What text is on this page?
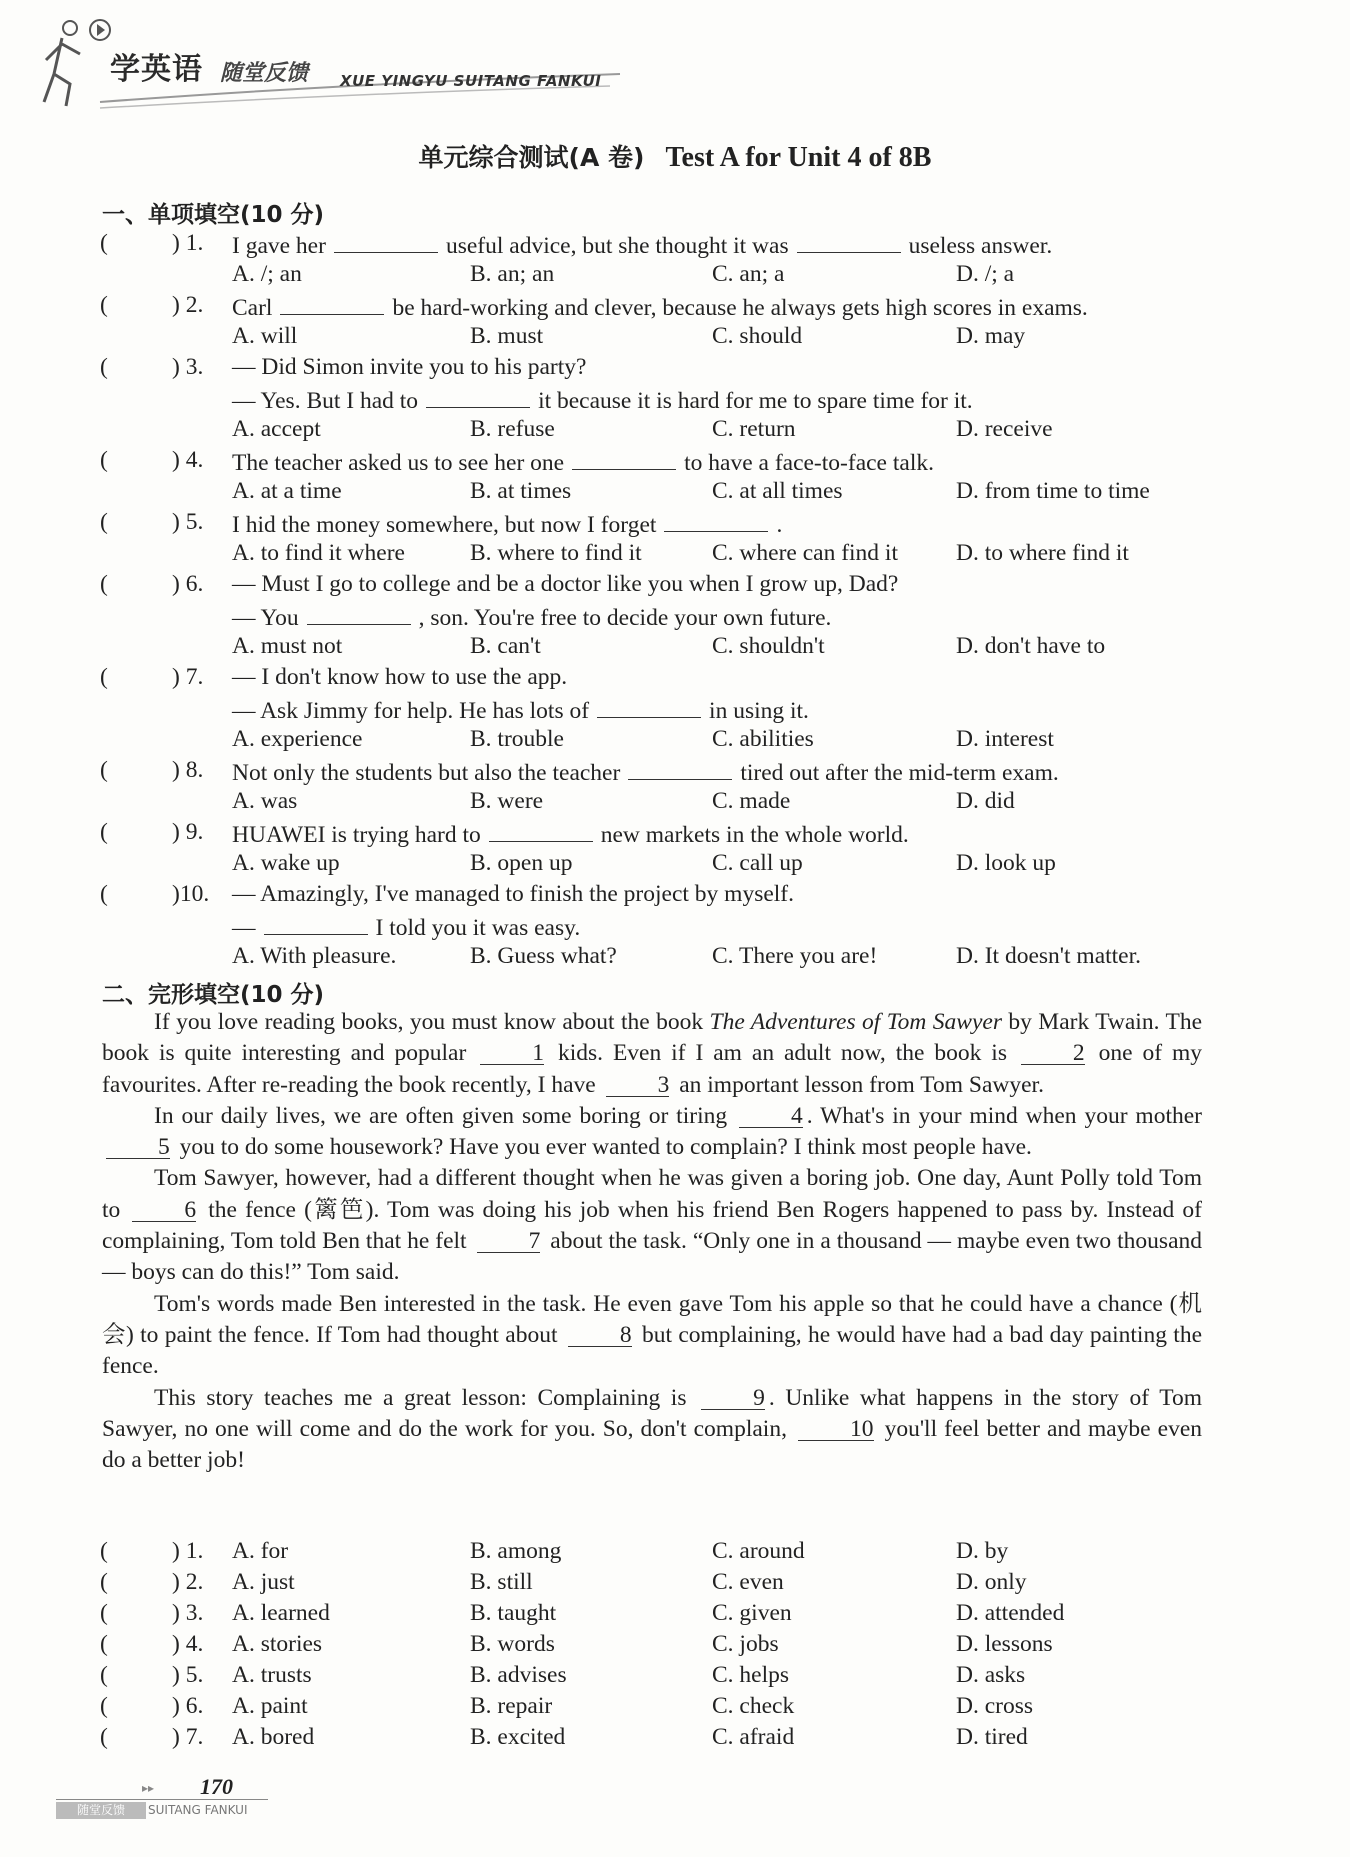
学英语 随堂反馈 XUE YINGYU SUITANG FANKUI
单元综合测试(A 卷) Test A for Unit 4 of 8B
一、单项填空(10 分)
(	) 1. I gave her	useful advice, but she thought it was	useless answer.
A. /; an	B. an; an	C. an; a	D. /; a
(	) 2. Carl	be hard-working and clever, because he always gets high scores in exams.
A. will	B. must	C. should	D. may
(	) 3. — Did Simon invite you to his party?
— Yes. But I had to	it because it is hard for me to spare time for it.
A. accept	B. refuse	C. return	D. receive
(	) 4. The teacher asked us to see her one	to have a face-to-face talk.
A. at a time	B. at times	C. at all times	D. from time to time
(	) 5. I hid the money somewhere, but now I forget	.
A. to find it where	B. where to find it	C. where can find it D. to where find it
(	) 6. — Must I go to college and be a doctor like you when I grow up, Dad?
— You	, son. You're free to decide your own future.
A. must not	B. can't	C. shouldn't	D. don't have to
(	) 7. — I don't know how to use the app.
— Ask Jimmy for help. He has lots of	in using it.
A. experience	B. trouble	C. abilities	D. interest
(	) 8. Not only the students but also the teacher	tired out after the mid-term exam.
A. was	B. were	C. made	D. did
(	) 9. HUAWEI is trying hard to	new markets in the whole world.
A. wake up	B. open up	C. call up	D. look up
(	)10. — Amazingly, I've managed to finish the project by myself.
—	I told you it was easy.
A. With pleasure.	B. Guess what?	C. There you are!	D. It doesn't matter.
二、完形填空(10 分)

If you love reading books, you must know about the book The Adventures of Tom Sawyer by Mark Twain. The book is quite interesting and popular	1 kids. Even if I am an adult now, the book is	2 one of my favourites. After re-reading the book recently, I have	3 an important lesson from Tom Sawyer.

In our daily lives, we are often given some boring or tiring	4 . What's in your mind when your mother 5 you to do some housework? Have you ever wanted to complain? I think most people have.

Tom Sawyer, however, had a different thought when he was given a boring job. One day, Aunt Polly told Tom to	6 the fence (篱笆). Tom was doing his job when his friend Ben Rogers happened to pass by. Instead of complaining, Tom told Ben that he felt	7 about the task. “Only one in a thousand — maybe even two thousand — boys can do this!” Tom said.

Tom's words made Ben interested in the task. He even gave Tom his apple so that he could have a chance (机会) to paint the fence. If Tom had thought about	8 but complaining, he would have had a bad day painting the fence.

This story teaches me a great lesson: Complaining is	9 . Unlike what happens in the story of Tom Sawyer, no one will come and do the work for you. So, don't complain,	10 you'll feel better and maybe even do a better job!

(	) 1. A. for	B. among	C. around	D. by
(	) 2. A. just	B. still	C. even	D. only
(	) 3. A. learned	B. taught	C. given	D. attended
(	) 4. A. stories	B. words	C. jobs	D. lessons
(	) 5. A. trusts	B. advises	C. helps	D. asks
(	) 6. A. paint	B. repair	C. check	D. cross
(	) 7. A. bored	B. excited	C. afraid	D. tired
▸▸ 170
随堂反馈	SUITANG FANKUI
